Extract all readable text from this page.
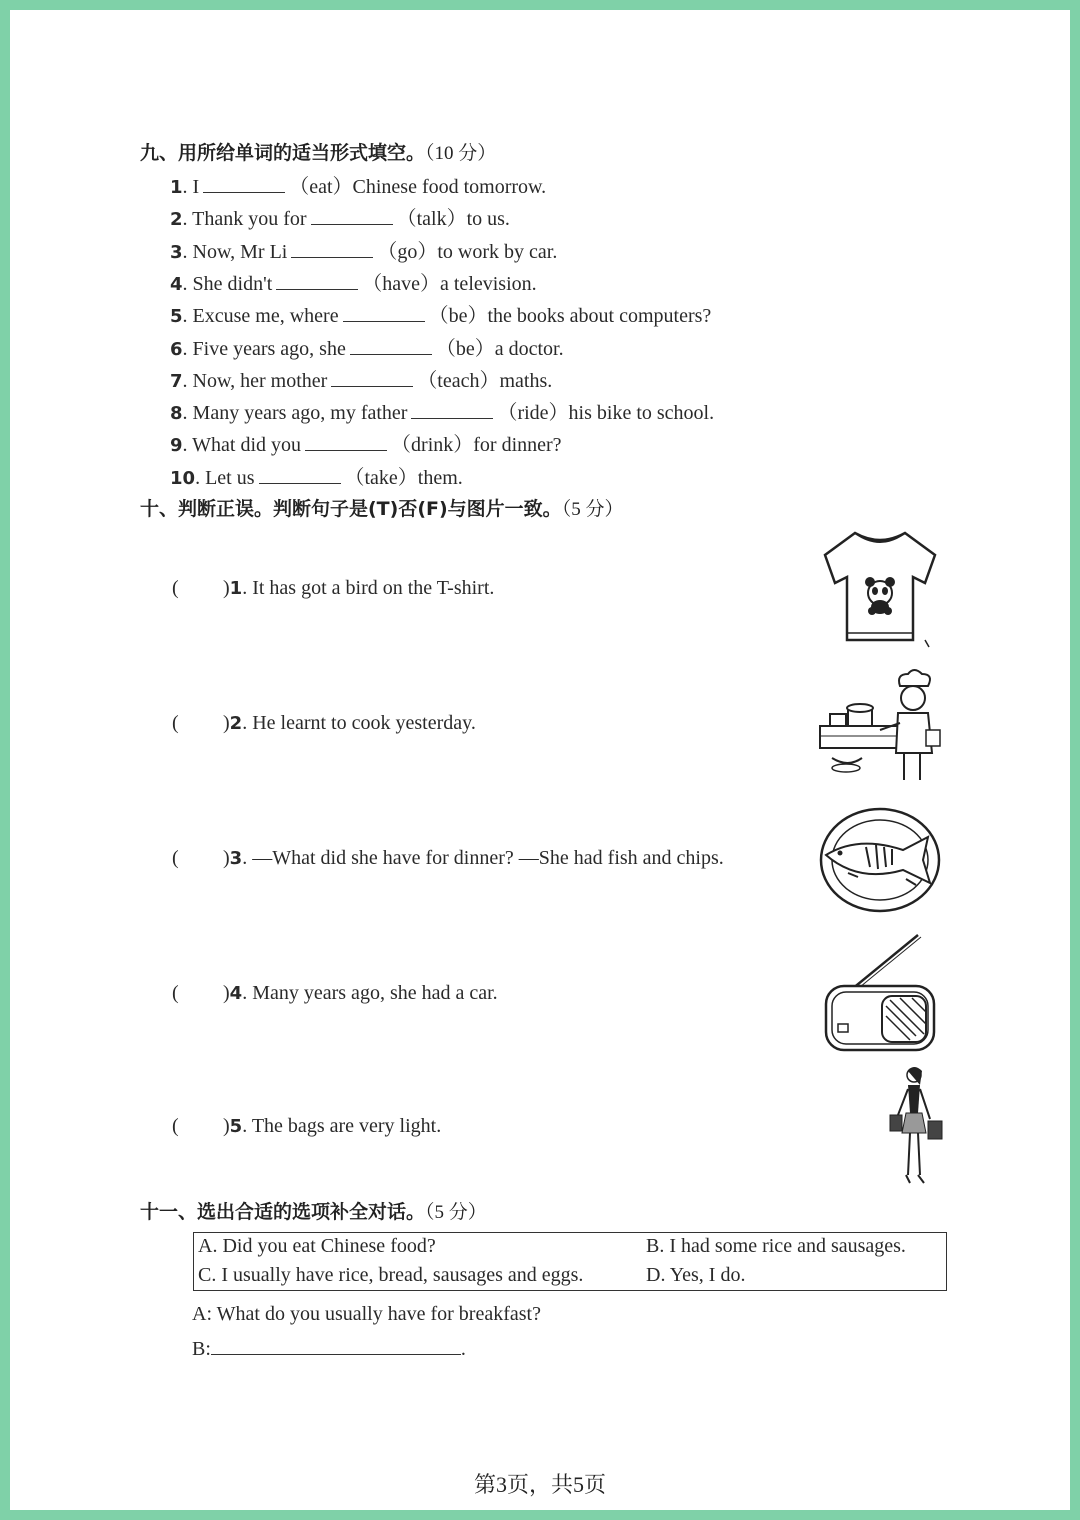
九、用所给单词的适当形式填空。（10 分）
1. I	（eat）Chinese food tomorrow.
2. Thank you for	（talk）to us.
3. Now, Mr Li	（go）to work by car.
4. She didn't	（have）a television.
5. Excuse me, where	（be）the books about computers?
6. Five years ago, she	（be）a doctor.
7. Now, her mother	（teach）maths.
8. Many years ago, my father	（ride）his bike to school.
9. What did you	（drink）for dinner?
10. Let us	（take）them.
十、判断正误。判断句子是(T)否(F)与图片一致。（5 分）
( )1. It has got a bird on the T-shirt.
( )2. He learnt to cook yesterday.
( )3. —What did she have for dinner? —She had fish and chips.
( )4. Many years ago, she had a car.
( )5. The bags are very light.
十一、选出合适的选项补全对话。（5 分）
A. Did you eat Chinese food?	B. I had some rice and sausages.
C. I usually have rice, bread, sausages and eggs.	D. Yes, I do.
A: What do you usually have for breakfast?
B:	.
第3页，共5页
